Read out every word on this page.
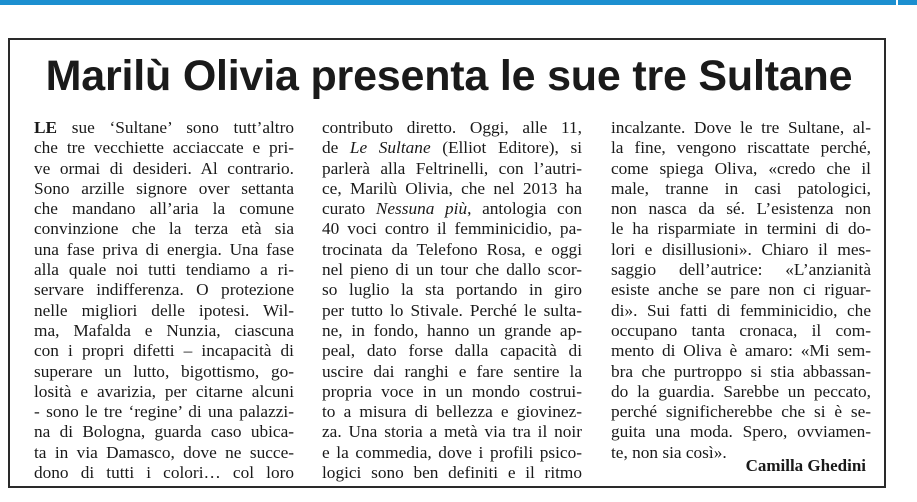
Marilù Olivia presenta le sue tre Sultane
LE sue ‘Sultane’ sono tutt’altro
che tre vecchiette acciaccate e pri-
ve ormai di desideri. Al contrario.
Sono arzille signore over settanta
che mandano all’aria la comune
convinzione che la terza età sia
una fase priva di energia. Una fase
alla quale noi tutti tendiamo a ri-
servare indifferenza. O protezione
nelle migliori delle ipotesi. Wil-
ma, Mafalda e Nunzia, ciascuna
con i propri difetti – incapacità di
superare un lutto, bigottismo, go-
losità e avarizia, per citarne alcuni
- sono le tre ‘regine’ di una palazzi-
na di Bologna, guarda caso ubica-
ta in via Damasco, dove ne succe-
dono di tutti i colori… col loro
contributo diretto. Oggi, alle 11,
de Le Sultane (Elliot Editore), si
parlerà alla Feltrinelli, con l’autri-
ce, Marilù Olivia, che nel 2013 ha
curato Nessuna più, antologia con
40 voci contro il femminicidio, pa-
trocinata da Telefono Rosa, e oggi
nel pieno di un tour che dallo scor-
so luglio la sta portando in giro
per tutto lo Stivale. Perché le sulta-
ne, in fondo, hanno un grande ap-
peal, dato forse dalla capacità di
uscire dai ranghi e fare sentire la
propria voce in un mondo costrui-
to a misura di bellezza e giovinez-
za. Una storia a metà via tra il noir
e la commedia, dove i profili psico-
logici sono ben definiti e il ritmo
incalzante. Dove le tre Sultane, al-
la fine, vengono riscattate perché,
come spiega Oliva, «credo che il
male, tranne in casi patologici,
non nasca da sé. L’esistenza non
le ha risparmiate in termini di do-
lori e disillusioni». Chiaro il mes-
saggio dell’autrice: «L’anzianità
esiste anche se pare non ci riguar-
di». Sui fatti di femminicidio, che
occupano tanta cronaca, il com-
mento di Oliva è amaro: «Mi sem-
bra che purtroppo si stia abbassan-
do la guardia. Sarebbe un peccato,
perché significherebbe che si è se-
guita una moda. Spero, ovviamen-
te, non sia così».
Camilla Ghedini
